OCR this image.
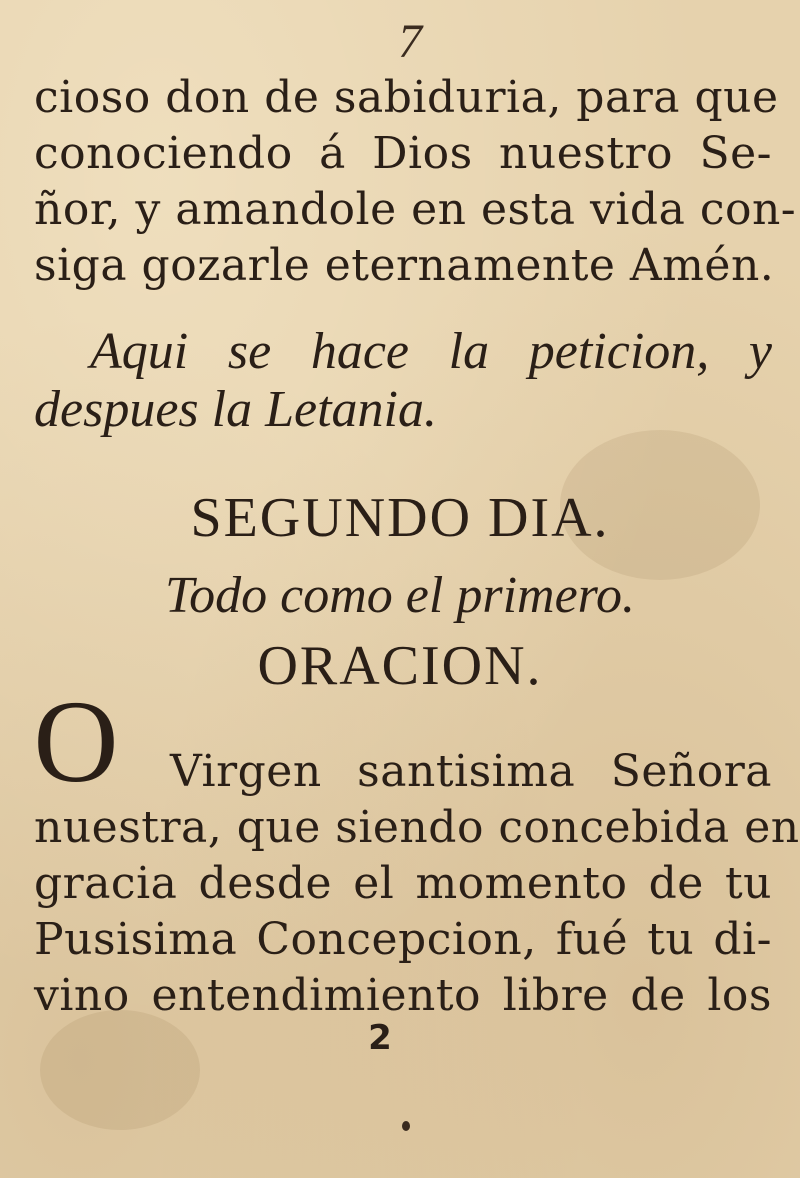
7
cioso don de sabiduria, para que
conociendo á Dios nuestro Se-
ñor, y amandole en esta vida con-
siga gozarle eternamente Amén.
Aqui se hace la peticion, y
despues la Letania.
SEGUNDO DIA.
Todo como el primero.
ORACION.
O Virgen santisima Señora
nuestra, que siendo concebida en
gracia desde el momento de tu
Pusisima Concepcion, fué tu di-
vino entendimiento libre de los
2
